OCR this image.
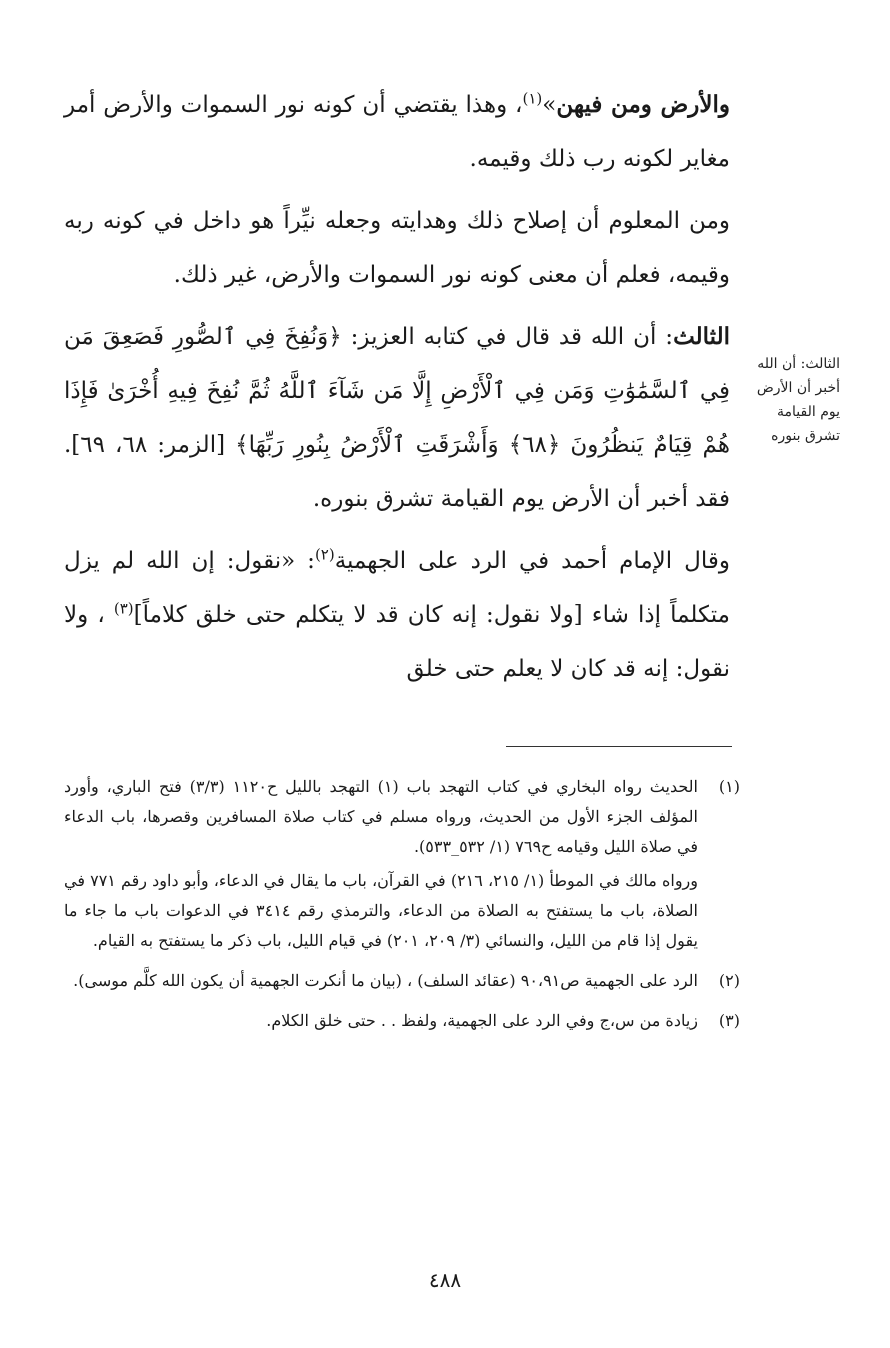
والأرض ومن فيهن»$^{(١)}$، وهذا يقتضي أن كونه نور السموات والأرض أمر مغاير لكونه رب ذلك وقيمه.

ومن المعلوم أن إصلاح ذلك وهدايته وجعله نيِّراً هو داخل في كونه ربه وقيمه، فعلم أن معنى كونه نور السموات والأرض، غير ذلك.

الثالث: أن الله قد قال في كتابه العزيز: ﴿وَنُفِخَ فِي ٱلصُّورِ فَصَعِقَ مَن فِي ٱلسَّمَٰوَٰتِ وَمَن فِي ٱلْأَرْضِ إِلَّا مَن شَآءَ ٱللَّهُ ثُمَّ نُفِخَ فِيهِ أُخْرَىٰ فَإِذَا هُمْ قِيَامٌ يَنظُرُونَ ﴿٦٨﴾ وَأَشْرَقَتِ ٱلْأَرْضُ بِنُورِ رَبِّهَا﴾ [الزمر: ٦٨، ٦٩]. فقد أخبر أن الأرض يوم القيامة تشرق بنوره.

وقال الإمام أحمد في الرد على الجهمية$^{(٢)}$: «نقول: إن الله لم يزل متكلماً إذا شاء [ولا نقول: إنه كان قد لا يتكلم حتى خلق كلاماً]$^{(٣)}$ ، ولا نقول: إنه قد كان لا يعلم حتى خلق

الثالث: أن الله أخبر أن الأرض يوم القيامة تشرق بنوره
(١)

الحديث رواه البخاري في كتاب التهجد باب (١) التهجد بالليل ح١١٢٠ (٣/٣) فتح الباري، وأورد المؤلف الجزء الأول من الحديث، ورواه مسلم في كتاب صلاة المسافرين وقصرها، باب الدعاء في صلاة الليل وقيامه ح٧٦٩ (١/ ٥٣٢_٥٣٣).

ورواه مالك في الموطأ (١/ ٢١٥، ٢١٦) في القرآن، باب ما يقال في الدعاء، وأبو داود رقم ٧٧١ في الصلاة، باب ما يستفتح به الصلاة من الدعاء، والترمذي رقم ٣٤١٤ في الدعوات باب ما جاء ما يقول إذا قام من الليل، والنسائي (٣/ ٢٠٩، ٢٠١) في قيام الليل، باب ذكر ما يستفتح به القيام.

(٢)

الرد على الجهمية ص٩٠،٩١ (عقائد السلف) ، (بيان ما أنكرت الجهمية أن يكون الله كلَّم موسى).

(٣)

زيادة من س،ج وفي الرد على الجهمية، ولفظ . . حتى خلق الكلام.

٤٨٨
